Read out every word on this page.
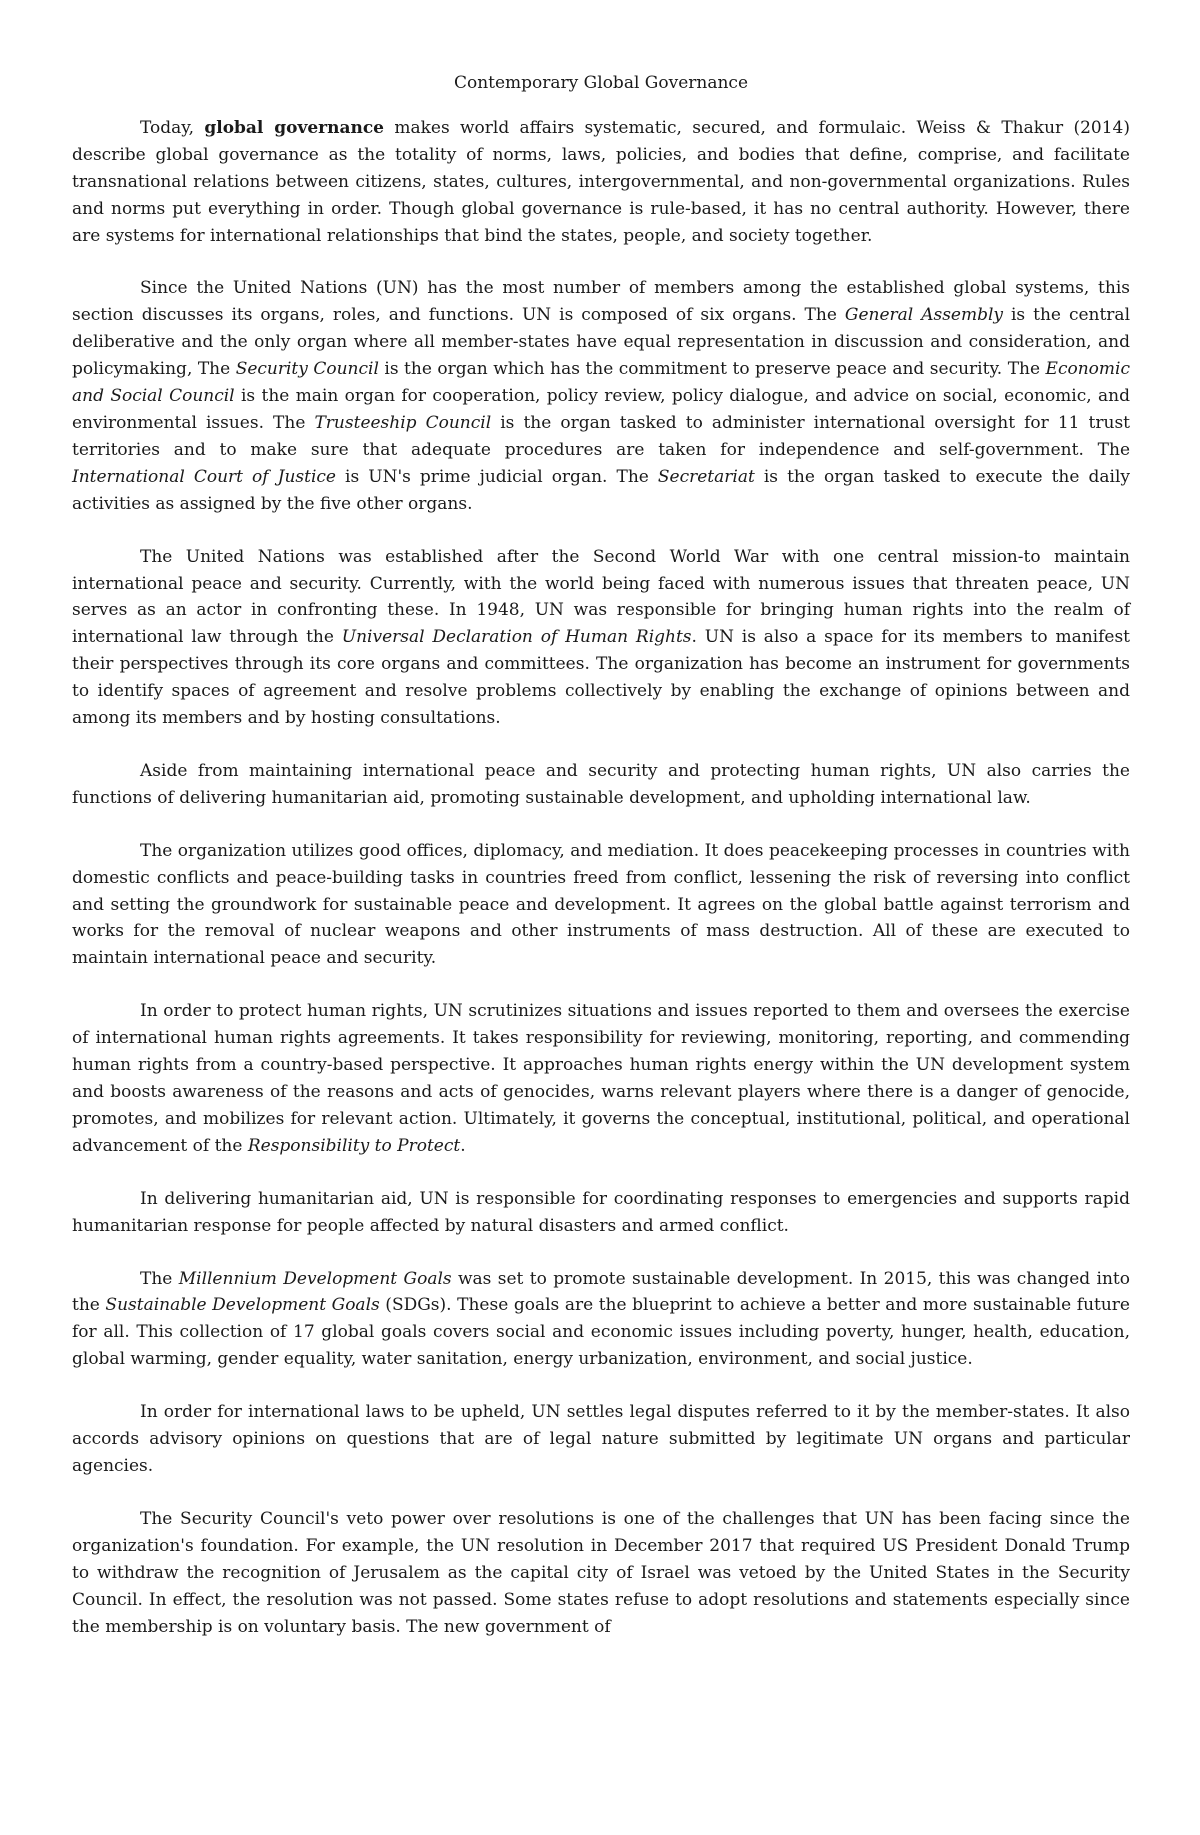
Contemporary Global Governance

Today, global governance makes world affairs systematic, secured, and formulaic. Weiss & Thakur (2014) describe global governance as the totality of norms, laws, policies, and bodies that define, comprise, and facilitate transnational relations between citizens, states, cultures, intergovernmental, and non-governmental organizations. Rules and norms put everything in order. Though global governance is rule-based, it has no central authority. However, there are systems for international relationships that bind the states, people, and society together.

Since the United Nations (UN) has the most number of members among the established global systems, this section discusses its organs, roles, and functions. UN is composed of six organs. The General Assembly is the central deliberative and the only organ where all member-states have equal representation in discussion and consideration, and policymaking, The Security Council is the organ which has the commitment to preserve peace and security. The Economic and Social Council is the main organ for cooperation, policy review, policy dialogue, and advice on social, economic, and environmental issues. The Trusteeship Council is the organ tasked to administer international oversight for 11 trust territories and to make sure that adequate procedures are taken for independence and self-government. The International Court of Justice is UN's prime judicial organ. The Secretariat is the organ tasked to execute the daily activities as assigned by the five other organs.

The United Nations was established after the Second World War with one central mission-to maintain international peace and security. Currently, with the world being faced with numerous issues that threaten peace, UN serves as an actor in confronting these. In 1948, UN was responsible for bringing human rights into the realm of international law through the Universal Declaration of Human Rights. UN is also a space for its members to manifest their perspectives through its core organs and committees. The organization has become an instrument for governments to identify spaces of agreement and resolve problems collectively by enabling the exchange of opinions between and among its members and by hosting consultations.

Aside from maintaining international peace and security and protecting human rights, UN also carries the functions of delivering humanitarian aid, promoting sustainable development, and upholding international law.

The organization utilizes good offices, diplomacy, and mediation. It does peacekeeping processes in countries with domestic conflicts and peace-building tasks in countries freed from conflict, lessening the risk of reversing into conflict and setting the groundwork for sustainable peace and development. It agrees on the global battle against terrorism and works for the removal of nuclear weapons and other instruments of mass destruction. All of these are executed to maintain international peace and security.

In order to protect human rights, UN scrutinizes situations and issues reported to them and oversees the exercise of international human rights agreements. It takes responsibility for reviewing, monitoring, reporting, and commending human rights from a country-based perspective. It approaches human rights energy within the UN development system and boosts awareness of the reasons and acts of genocides, warns relevant players where there is a danger of genocide, promotes, and mobilizes for relevant action. Ultimately, it governs the conceptual, institutional, political, and operational advancement of the Responsibility to Protect.

In delivering humanitarian aid, UN is responsible for coordinating responses to emergencies and supports rapid humanitarian response for people affected by natural disasters and armed conflict.

The Millennium Development Goals was set to promote sustainable development. In 2015, this was changed into the Sustainable Development Goals (SDGs). These goals are the blueprint to achieve a better and more sustainable future for all. This collection of 17 global goals covers social and economic issues including poverty, hunger, health, education, global warming, gender equality, water sanitation, energy urbanization, environment, and social justice.

In order for international laws to be upheld, UN settles legal disputes referred to it by the member-states. It also accords advisory opinions on questions that are of legal nature submitted by legitimate UN organs and particular agencies.

The Security Council's veto power over resolutions is one of the challenges that UN has been facing since the organization's foundation. For example, the UN resolution in December 2017 that required US President Donald Trump to withdraw the recognition of Jerusalem as the capital city of Israel was vetoed by the United States in the Security Council. In effect, the resolution was not passed. Some states refuse to adopt resolutions and statements especially since the membership is on voluntary basis. The new government of
